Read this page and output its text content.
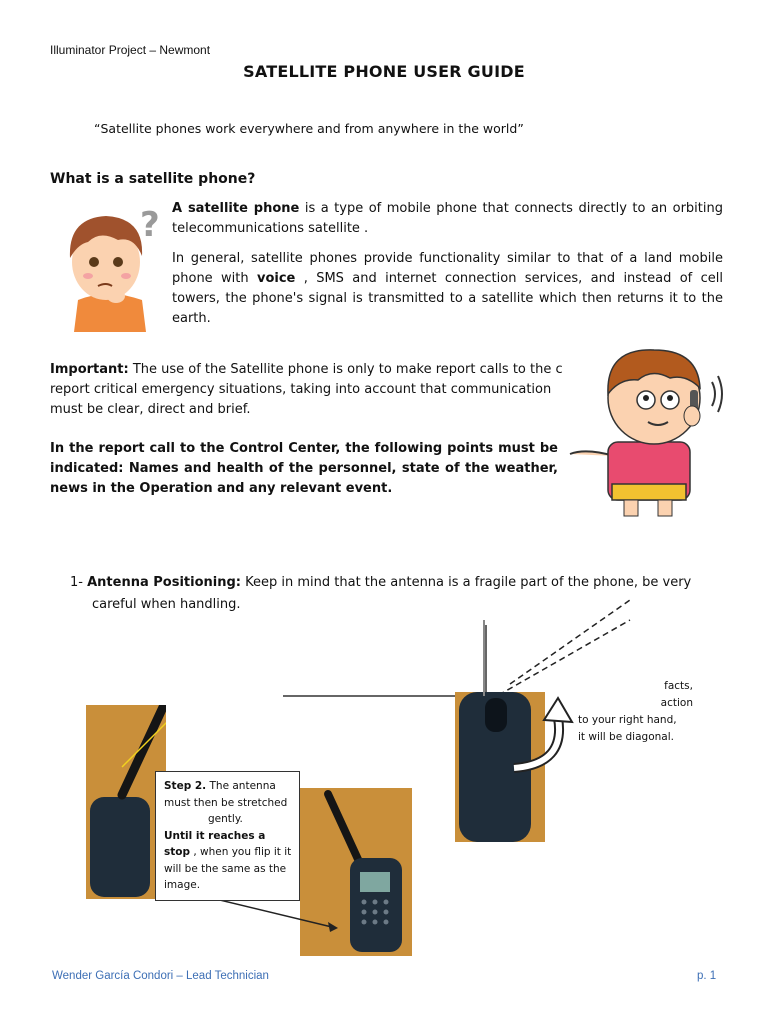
Illuminator Project – Newmont
SATELLITE PHONE USER GUIDE
“Satellite phones work everywhere and from anywhere in the world”
What is a satellite phone?
? A satellite phone is a type of mobile phone that connects directly to an orbiting telecommunications satellite .
In general, satellite phones provide functionality similar to that of a land mobile phone with voice , SMS and internet connection services, and instead of cell towers, the phone's signal is transmitted to a satellite which then returns it to the earth.
Important: The use of the Satellite phone is only to make report calls to the c report critical emergency situations, taking into account that communication must be clear, direct and brief.
In the report call to the Control Center, the following points must be indicated: Names and health of the personnel, state of the weather, news in the Operation and any relevant event.
1- Antenna Positioning: Keep in mind that the antenna is a fragile part of the phone, be very
careful when handling.
Step 2. The antenna must then be stretched gently.
Until it reaches a stop , when you flip it it will be the same as the image.
facts,
action
to your right hand,
it will be diagonal.
Wender García Condori – Lead Technician	p. 1
